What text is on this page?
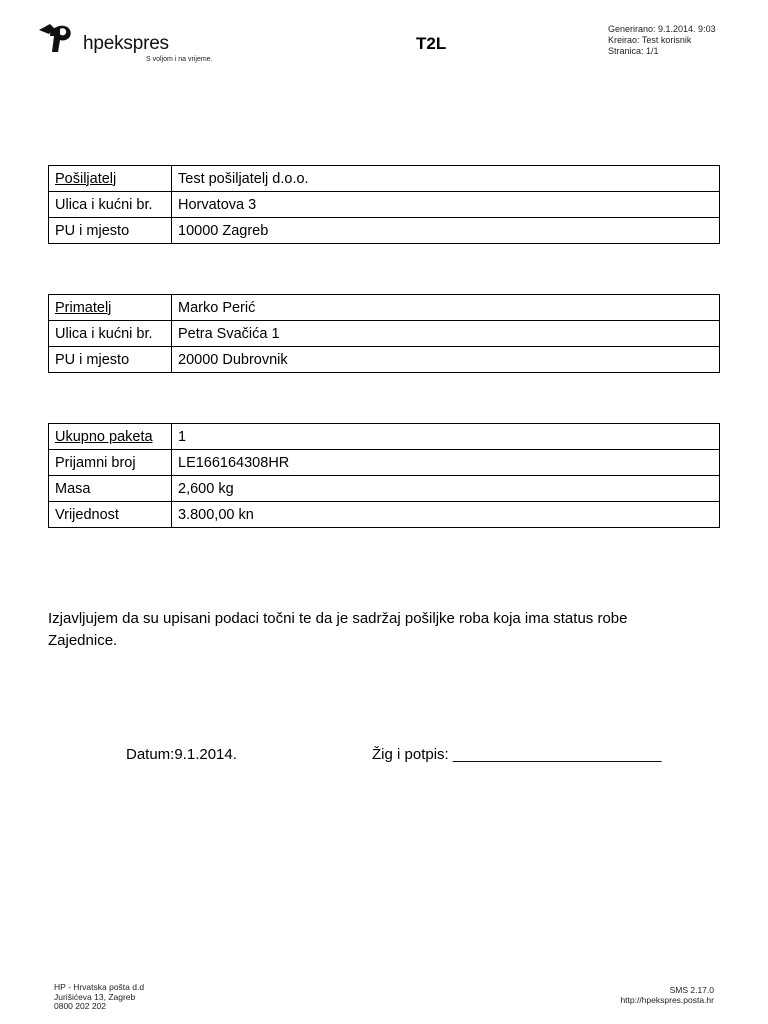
hpekspres
S voljom i na vrijeme.
T2L
Generirano: 9.1.2014. 9:03
Kreirao: Test korisnik
Stranica: 1/1
Pošiljatelj	Test pošiljatelj d.o.o.
Ulica i kućni br.	Horvatova 3
PU i mjesto	10000 Zagreb
Primatelj	Marko Perić
Ulica i kućni br.	Petra Svačića 1
PU i mjesto	20000 Dubrovnik
Ukupno paketa	1
Prijamni broj	LE166164308HR
Masa	2,600 kg
Vrijednost	3.800,00 kn
Izjavljujem da su upisani podaci točni te da je sadržaj pošiljke roba koja ima status robe Zajednice.
Datum:9.1.2014.	Žig i potpis: _________________________
HP - Hrvatska pošta d.d
Jurišićeva 13, Zagreb
0800 202 202
SMS 2.17.0
http://hpekspres.posta.hr
